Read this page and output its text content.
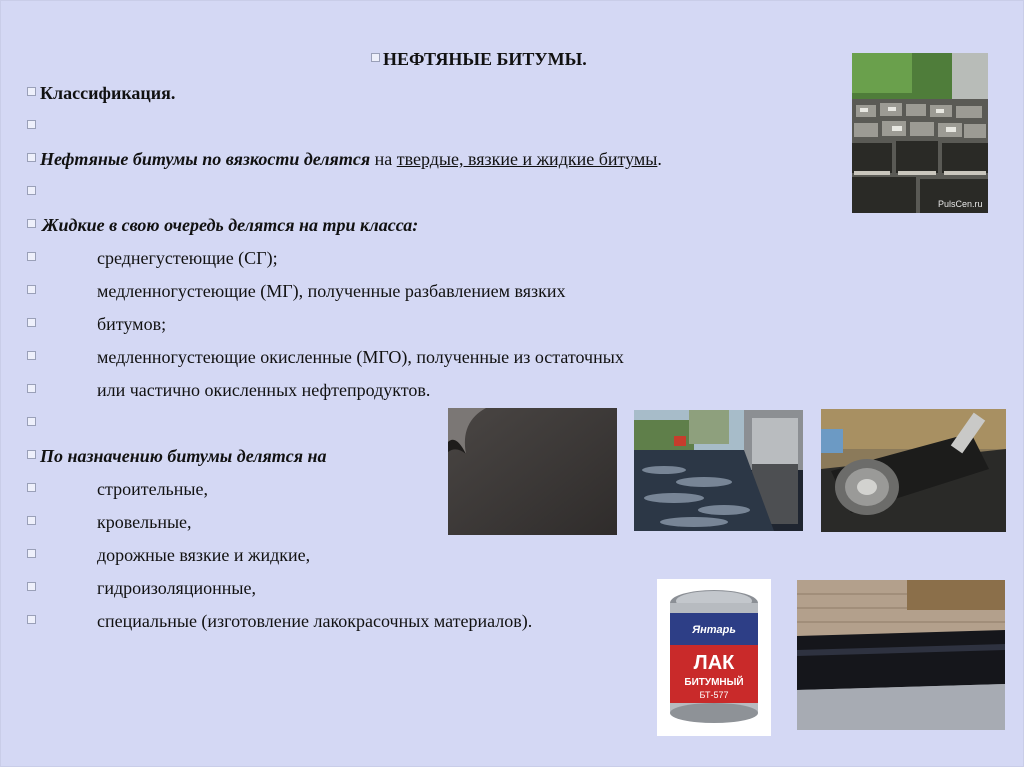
НЕФТЯНЫЕ БИТУМЫ.
Классификация.
Нефтяные битумы по вязкости делятся на твердые, вязкие и жидкие битумы.
Жидкие в свою очередь делятся на три класса:
среднегустеющие (СГ);
медленногустеющие (МГ), полученные разбавлением вязких
битумов;
медленногустеющие окисленные (МГО), полученные из остаточных
или частично окисленных нефтепродуктов.
По назначению битумы делятся на
строительные,
кровельные,
дорожные вязкие и жидкие,
гидроизоляционные,
специальные (изготовление лакокрасочных материалов).
PulsCen.ru
Янтарь
ЛАК
БИТУМНЫЙ
БТ-577
